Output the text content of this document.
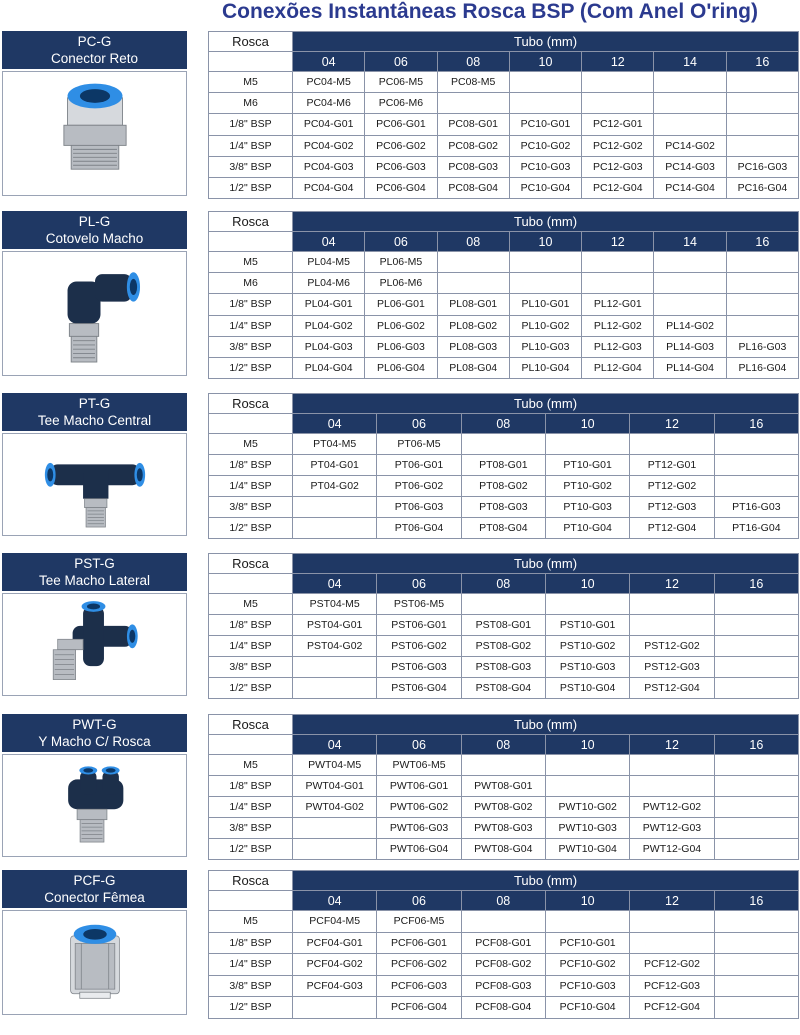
Conexões Instantâneas Rosca BSP (Com Anel O'ring)
PC-G
Conector Reto
Rosca	Tubo (mm)						
	04	06	08	10	12	14	16
M5	PC04-M5	PC06-M5	PC08-M5				
M6	PC04-M6	PC06-M6					
1/8" BSP	PC04-G01	PC06-G01	PC08-G01	PC10-G01	PC12-G01		
1/4" BSP	PC04-G02	PC06-G02	PC08-G02	PC10-G02	PC12-G02	PC14-G02	
3/8" BSP	PC04-G03	PC06-G03	PC08-G03	PC10-G03	PC12-G03	PC14-G03	PC16-G03
1/2" BSP	PC04-G04	PC06-G04	PC08-G04	PC10-G04	PC12-G04	PC14-G04	PC16-G04
PL-G
Cotovelo Macho
Rosca	Tubo (mm)						
	04	06	08	10	12	14	16
M5	PL04-M5	PL06-M5					
M6	PL04-M6	PL06-M6					
1/8" BSP	PL04-G01	PL06-G01	PL08-G01	PL10-G01	PL12-G01		
1/4" BSP	PL04-G02	PL06-G02	PL08-G02	PL10-G02	PL12-G02	PL14-G02	
3/8" BSP	PL04-G03	PL06-G03	PL08-G03	PL10-G03	PL12-G03	PL14-G03	PL16-G03
1/2" BSP	PL04-G04	PL06-G04	PL08-G04	PL10-G04	PL12-G04	PL14-G04	PL16-G04
PT-G
Tee Macho Central
Rosca	Tubo (mm)					
	04	06	08	10	12	16
M5	PT04-M5	PT06-M5				
1/8" BSP	PT04-G01	PT06-G01	PT08-G01	PT10-G01	PT12-G01	
1/4" BSP	PT04-G02	PT06-G02	PT08-G02	PT10-G02	PT12-G02	
3/8" BSP		PT06-G03	PT08-G03	PT10-G03	PT12-G03	PT16-G03
1/2" BSP		PT06-G04	PT08-G04	PT10-G04	PT12-G04	PT16-G04
PST-G
Tee Macho Lateral
Rosca	Tubo (mm)					
	04	06	08	10	12	16
M5	PST04-M5	PST06-M5				
1/8" BSP	PST04-G01	PST06-G01	PST08-G01	PST10-G01		
1/4" BSP	PST04-G02	PST06-G02	PST08-G02	PST10-G02	PST12-G02	
3/8" BSP		PST06-G03	PST08-G03	PST10-G03	PST12-G03	
1/2" BSP		PST06-G04	PST08-G04	PST10-G04	PST12-G04	
PWT-G
Y Macho C/ Rosca
Rosca	Tubo (mm)					
	04	06	08	10	12	16
M5	PWT04-M5	PWT06-M5				
1/8" BSP	PWT04-G01	PWT06-G01	PWT08-G01			
1/4" BSP	PWT04-G02	PWT06-G02	PWT08-G02	PWT10-G02	PWT12-G02	
3/8" BSP		PWT06-G03	PWT08-G03	PWT10-G03	PWT12-G03	
1/2" BSP		PWT06-G04	PWT08-G04	PWT10-G04	PWT12-G04	
PCF-G
Conector Fêmea
Rosca	Tubo (mm)					
	04	06	08	10	12	16
M5	PCF04-M5	PCF06-M5				
1/8" BSP	PCF04-G01	PCF06-G01	PCF08-G01	PCF10-G01		
1/4" BSP	PCF04-G02	PCF06-G02	PCF08-G02	PCF10-G02	PCF12-G02	
3/8" BSP	PCF04-G03	PCF06-G03	PCF08-G03	PCF10-G03	PCF12-G03	
1/2" BSP		PCF06-G04	PCF08-G04	PCF10-G04	PCF12-G04	
